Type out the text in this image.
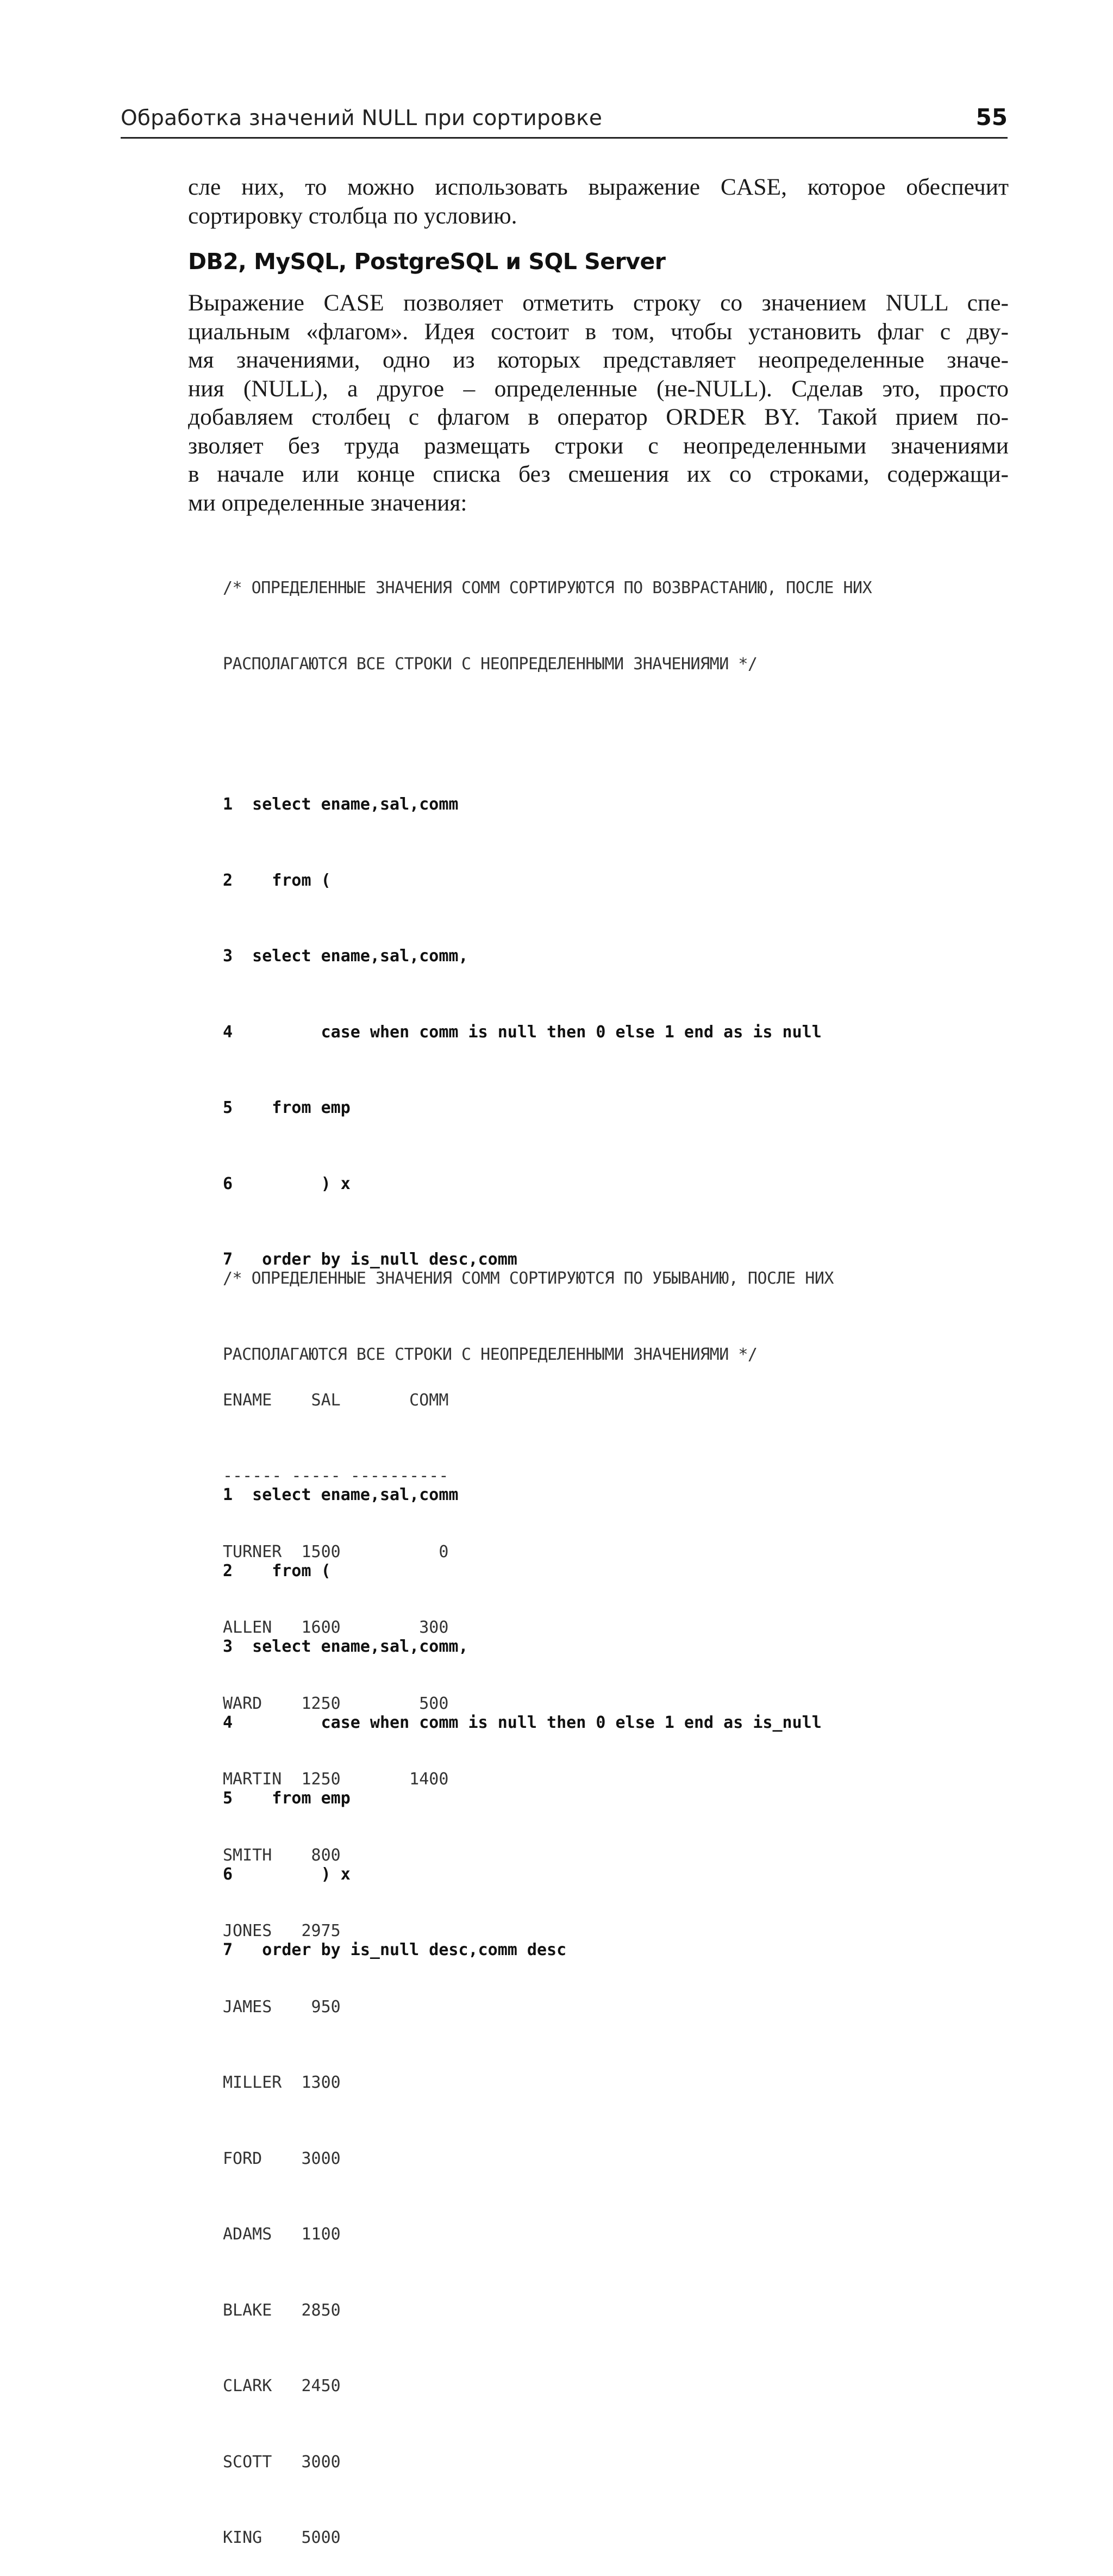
Обработка значений NULL при сортировке	55

сле них, то можно использовать выражение CASE, которое обеспечит
сортировку столбца по условию.

DB2, MySQL, PostgreSQL и SQL Server

Выражение CASE позволяет отметить строку со значением NULL спе-
циальным «флагом». Идея состоит в том, чтобы установить флаг с дву-
мя значениями, одно из которых представляет неопределенные значе-
ния (NULL), а другое – определенные (не-NULL). Сделав это, просто
добавляем столбец с флагом в оператор ORDER BY. Такой прием по-
зволяет без труда размещать строки с неопределенными значениями
в начале или конце списка без смешения их со строками, содержащи-
ми определенные значения:

/* ОПРЕДЕЛЕННЫЕ ЗНАЧЕНИЯ COMM СОРТИРУЮТСЯ ПО ВОЗВРАСТАНИЮ, ПОСЛЕ НИХ

РАСПОЛАГАЮТСЯ ВСЕ СТРОКИ С НЕОПРЕДЕЛЕННЫМИ ЗНАЧЕНИЯМИ */

1  select ename,sal,comm

2    from (

3  select ename,sal,comm,

4         case when comm is null then 0 else 1 end as is null

5    from emp

6         ) x

7   order by is_null desc,comm

ENAME    SAL       COMM

------ ----- ----------

TURNER  1500          0

ALLEN   1600        300

WARD    1250        500

MARTIN  1250       1400

SMITH    800

JONES   2975

JAMES    950

MILLER  1300

FORD    3000

ADAMS   1100

BLAKE   2850

CLARK   2450

SCOTT   3000

KING    5000

/* ОПРЕДЕЛЕННЫЕ ЗНАЧЕНИЯ COMM СОРТИРУЮТСЯ ПО УБЫВАНИЮ, ПОСЛЕ НИХ

РАСПОЛАГАЮТСЯ ВСЕ СТРОКИ С НЕОПРЕДЕЛЕННЫМИ ЗНАЧЕНИЯМИ */

1  select ename,sal,comm

2    from (

3  select ename,sal,comm,

4         case when comm is null then 0 else 1 end as is_null

5    from emp

6         ) x

7   order by is_null desc,comm desc
